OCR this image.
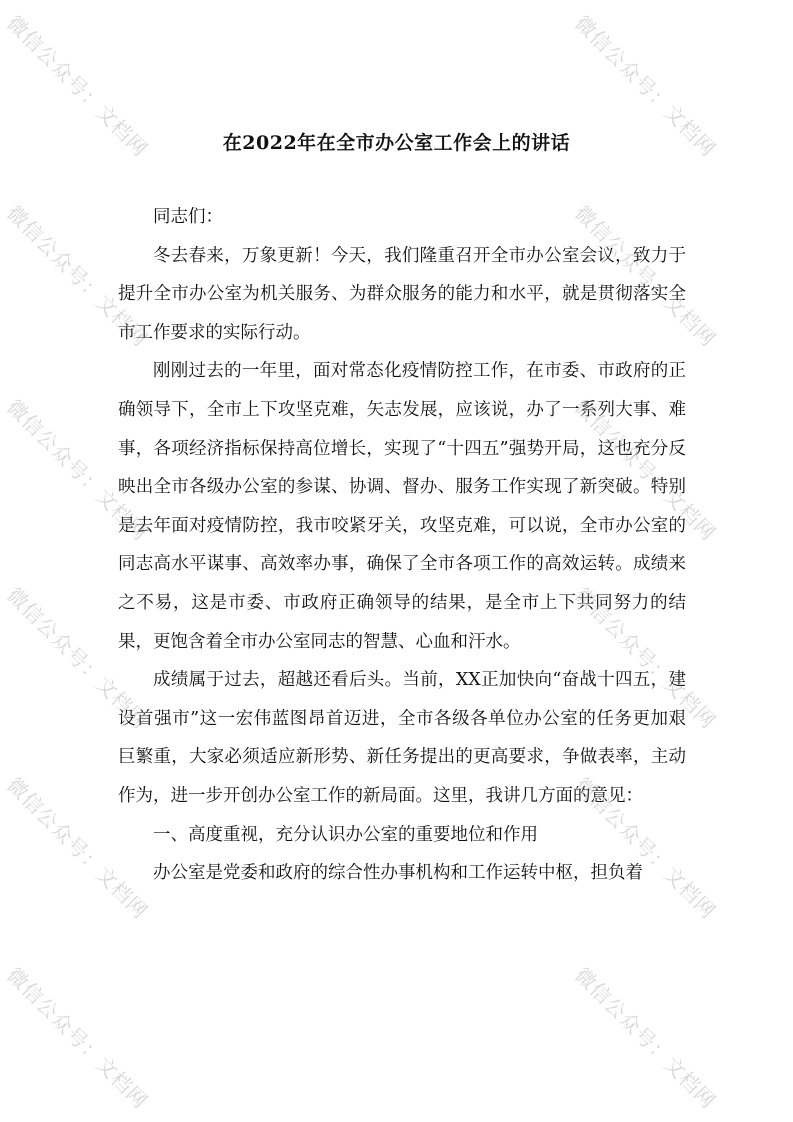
在2022年在全市办公室工作会上的讲话

同志们：

冬去春来，万象更新！今天，我们隆重召开全市办公室会议，致力于提升全市办公室为机关服务、为群众服务的能力和水平，就是贯彻落实全市工作要求的实际行动。

刚刚过去的一年里，面对常态化疫情防控工作，在市委、市政府的正确领导下，全市上下攻坚克难，矢志发展，应该说，办了一系列大事、难事，各项经济指标保持高位增长，实现了“十四五”强势开局，这也充分反映出全市各级办公室的参谋、协调、督办、服务工作实现了新突破。特别是去年面对疫情防控，我市咬紧牙关，攻坚克难，可以说，全市办公室的同志高水平谋事、高效率办事，确保了全市各项工作的高效运转。成绩来之不易，这是市委、市政府正确领导的结果，是全市上下共同努力的结果，更饱含着全市办公室同志的智慧、心血和汗水。

成绩属于过去，超越还看后头。当前，XX正加快向“奋战十四五，建设首强市”这一宏伟蓝图昂首迈进，全市各级各单位办公室的任务更加艰巨繁重，大家必须适应新形势、新任务提出的更高要求，争做表率，主动作为，进一步开创办公室工作的新局面。这里，我讲几方面的意见：

一、高度重视，充分认识办公室的重要地位和作用

办公室是党委和政府的综合性办事机构和工作运转中枢，担负着

微信公众号：文档网	微信公众号：文档网
微信公众号：文档网	微信公众号：文档网
微信公众号：文档网	微信公众号：文档网
微信公众号：文档网	微信公众号：文档网
微信公众号：文档网	微信公众号：文档网
微信公众号：文档网	微信公众号：文档网
